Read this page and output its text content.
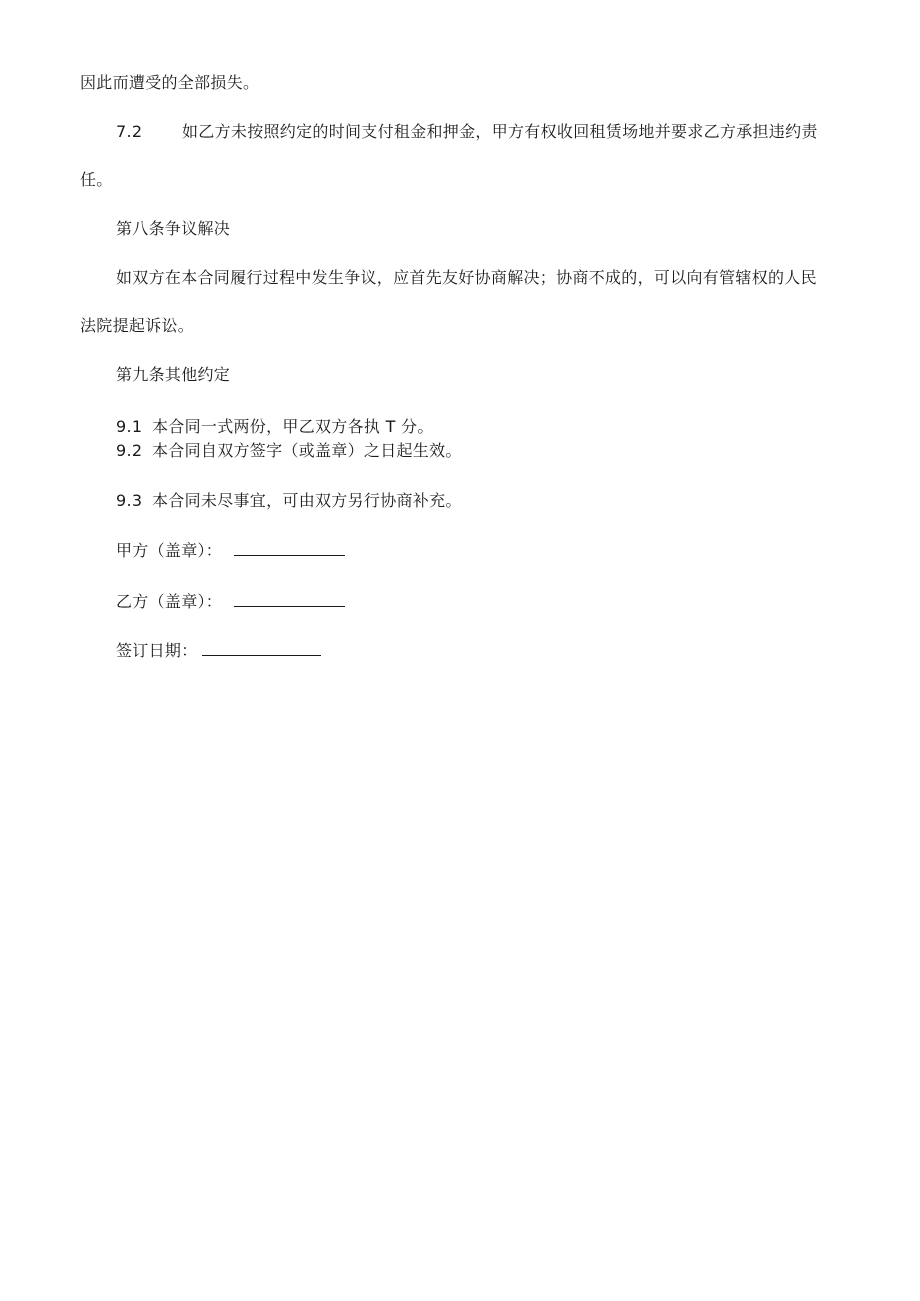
因此而遭受的全部损失。
7.2 如乙方未按照约定的时间支付租金和押金，甲方有权收回租赁场地并要求乙方承担违约责
任。
第八条争议解决
如双方在本合同履行过程中发生争议，应首先友好协商解决；协商不成的，可以向有管辖权的人民
法院提起诉讼。
第九条其他约定
9.1 本合同一式两份，甲乙双方各执 T 分。
9.2 本合同自双方签字（或盖章）之日起生效。
9.3 本合同未尽事宜，可由双方另行协商补充。
甲方（盖章）：
乙方（盖章）：
签订日期：
